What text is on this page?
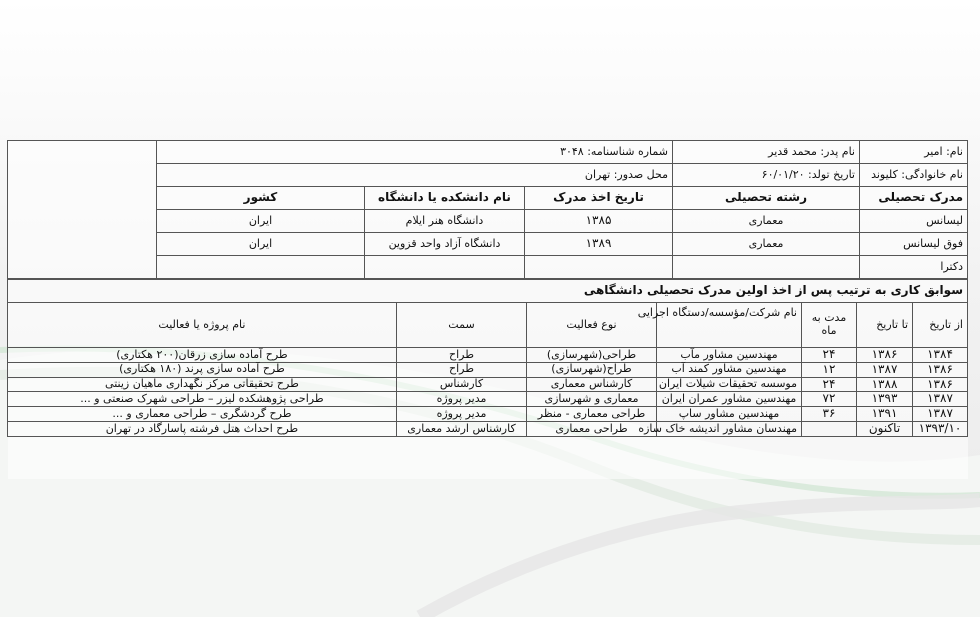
نام: امیر	نام پدر: محمد قدیر	شماره شناسنامه: ۳۰۴۸			
نام خانوادگی: کلیوند	تاریخ تولد: ۶۰/۰۱/۲۰	محل صدور: تهران			
مدرک تحصیلی	رشته تحصیلی	تاریخ اخذ مدرک	نام دانشکده یا دانشگاه	کشور	
لیسانس	معماری	۱۳۸۵	دانشگاه هنر ایلام	ایران	
فوق لیسانس	معماری	۱۳۸۹	دانشگاه آزاد واحد قزوین	ایران	
دکترا					
سوابق کاری به ترتیب پس از اخذ اولین مدرک تحصیلی دانشگاهی						
از تاریخ	تا تاریخ	مدت به ماه	نام شرکت/مؤسسه/دستگاه اجرایی	نوع فعالیت	سمت	نام پروژه یا فعالیت
۱۳۸۴	۱۳۸۶	۲۴	مهندسین مشاور مآب	طراحی(شهرسازی)	طراح	طرح آماده سازی زرقان(۲۰۰ هکتاری)
۱۳۸۶	۱۳۸۷	۱۲	مهندسین مشاور کمند آب	طراح(شهرسازی)	طراح	طرح آماده سازی پرند (۱۸۰ هکتاری)
۱۳۸۶	۱۳۸۸	۲۴	موسسه تحقیقات شیلات ایران	کارشناس معماری	کارشناس	طرح تحقیقاتی مرکز نگهداری ماهیان زینتی
۱۳۸۷	۱۳۹۳	۷۲	مهندسین مشاور عمران ایران	معماری و شهرسازی	مدیر پروژه	طراحی پژوهشکده لیزر – طراحی شهرک صنعتی و ...
۱۳۸۷	۱۳۹۱	۳۶	مهندسین مشاور ساپ	طراحی معماری - منظر	مدیر پروژه	طرح گردشگری – طراحی معماری و ...
۱۳۹۳/۱۰	تاکنون		مهندسان مشاور اندیشه خاک سازه	طراحی معماری	کارشناس ارشد معماری	طرح احداث هتل فرشته پاسارگاد در تهران
